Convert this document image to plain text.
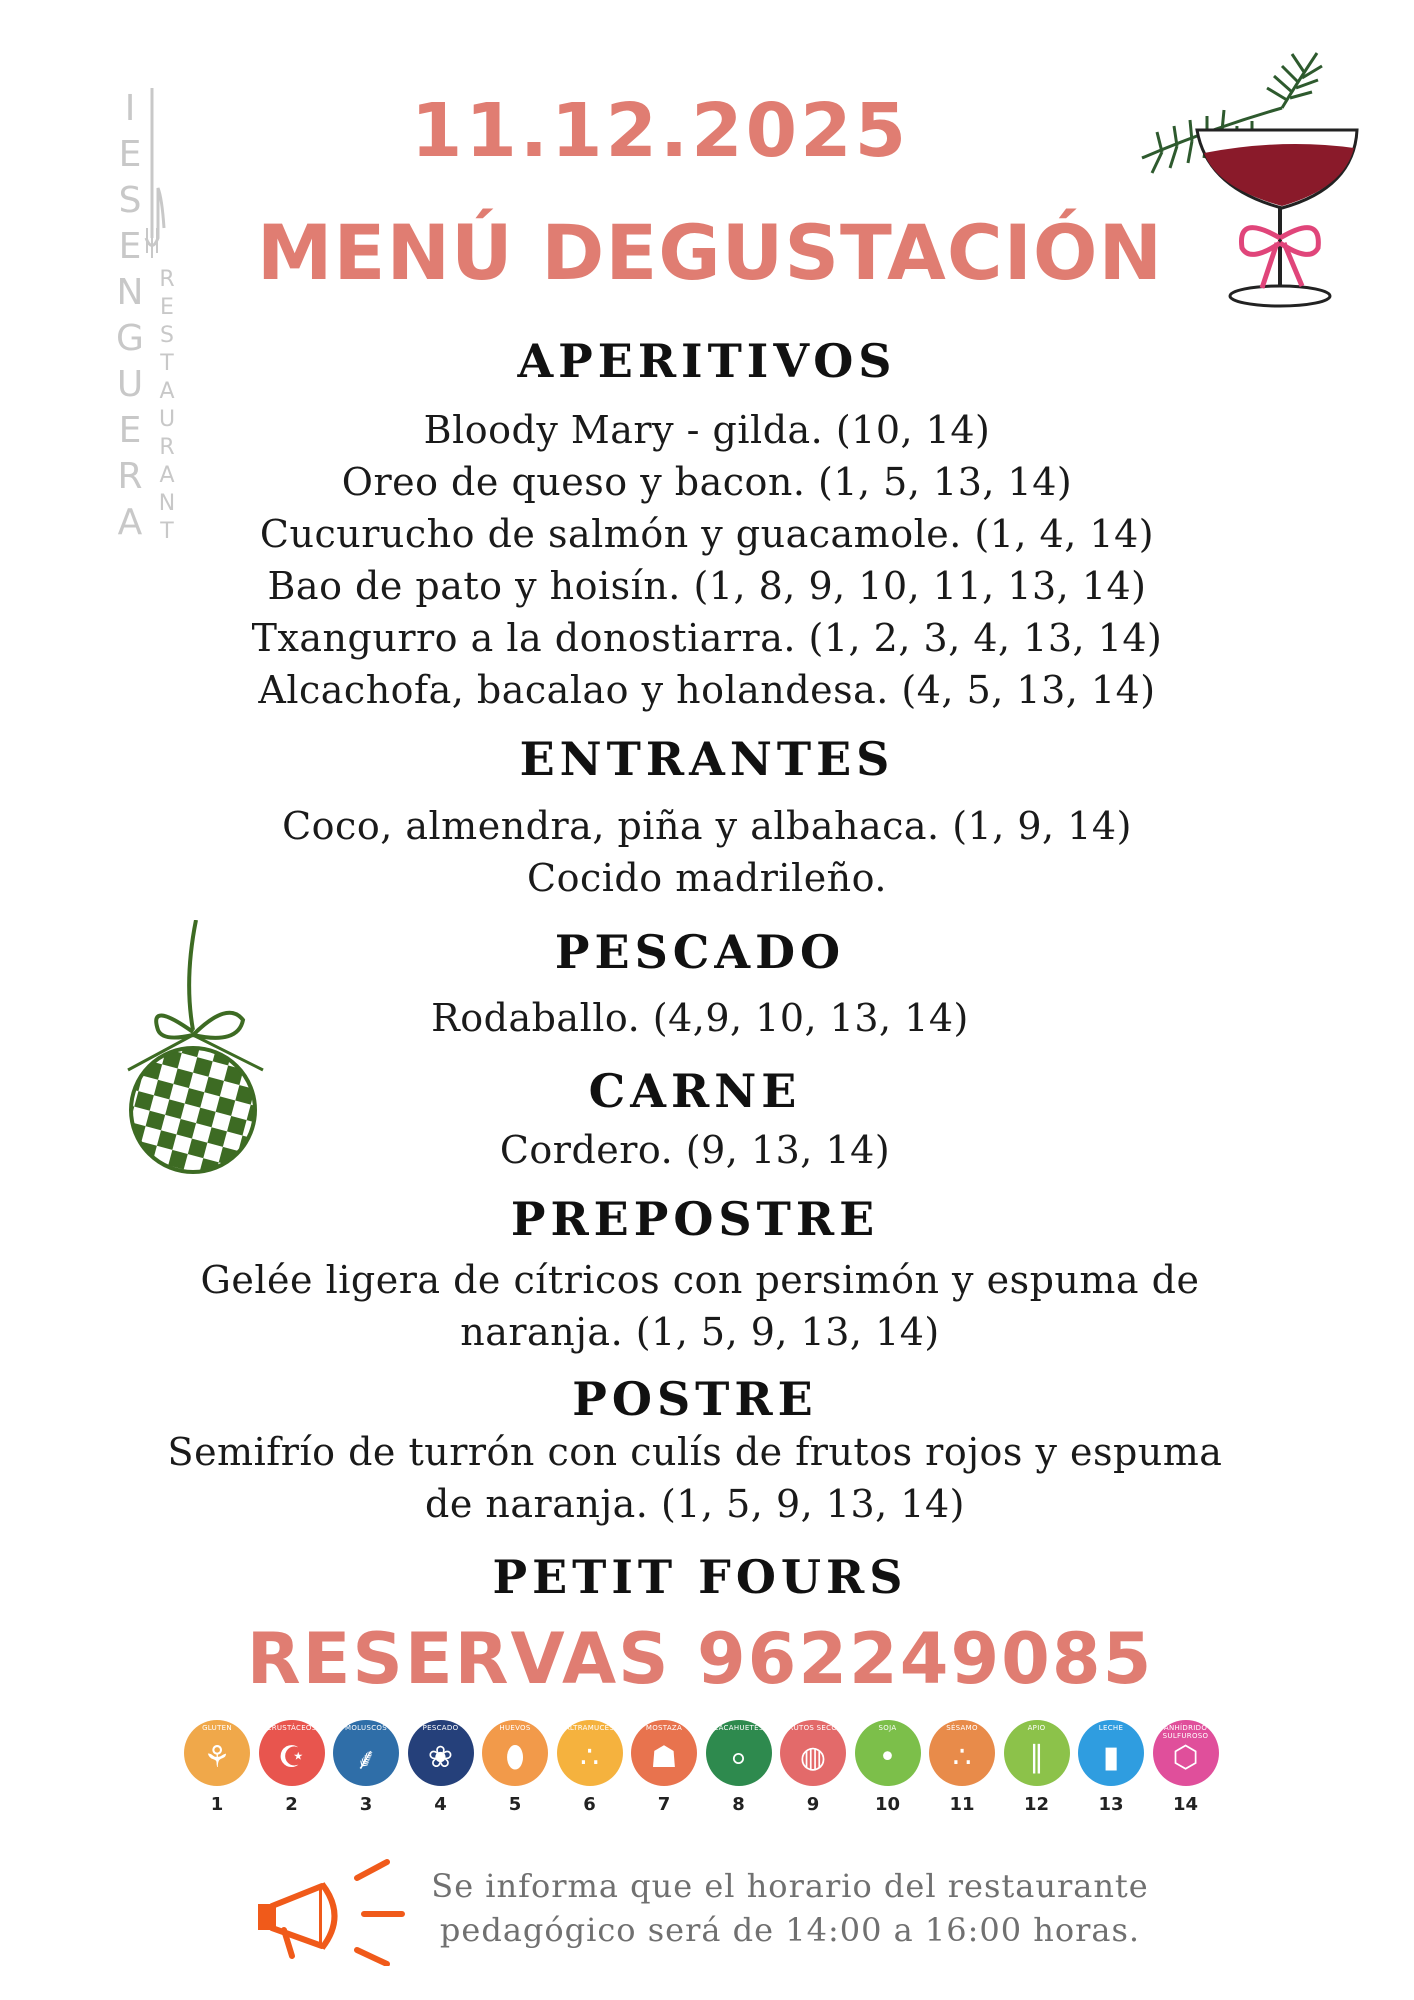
I
E
S
E
N
G
U
E
R
A
R
E
S
T
A
U
R
A
N
T
11.12.2025
MENÚ DEGUSTACIÓN
APERITIVOS
Bloody Mary - gilda. (10, 14)
Oreo de queso y bacon. (1, 5, 13, 14)
Cucurucho de salmón y guacamole. (1, 4, 14)
Bao de pato y hoisín. (1, 8, 9, 10, 11, 13, 14)
Txangurro a la donostiarra. (1, 2, 3, 4, 13, 14)
Alcachofa, bacalao y holandesa. (4, 5, 13, 14)
ENTRANTES
Coco, almendra, piña y albahaca. (1, 9, 14)
Cocido madrileño.
PESCADO
Rodaballo. (4,9, 10, 13, 14)
CARNE
Cordero. (9, 13, 14)
PREPOSTRE
Gelée ligera de cítricos con persimón y espuma de
naranja. (1, 5, 9, 13, 14)
POSTRE
Semifrío de turrón con culís de frutos rojos y espuma
de naranja. (1, 5, 9, 13, 14)
PETIT FOURS
RESERVAS 962249085
GLUTEN
⚘
1
CRUSTÁCEOS
☪
2
MOLUSCOS
⸙
3
PESCADO
❀
4
HUEVOS
⬮
5
ALTRAMUCES
∴
6
MOSTAZA
☗
7
CACAHUETES
⸰
8
FRUTOS SECOS
◍
9
SOJA
•
10
SÉSAMO
∴
11
APIO
∥
12
LECHE
▮
13
ANHÍDRIDO SULFUROSO
⬡
14
Se informa que el horario del restaurante
pedagógico será de 14:00 a 16:00 horas.
